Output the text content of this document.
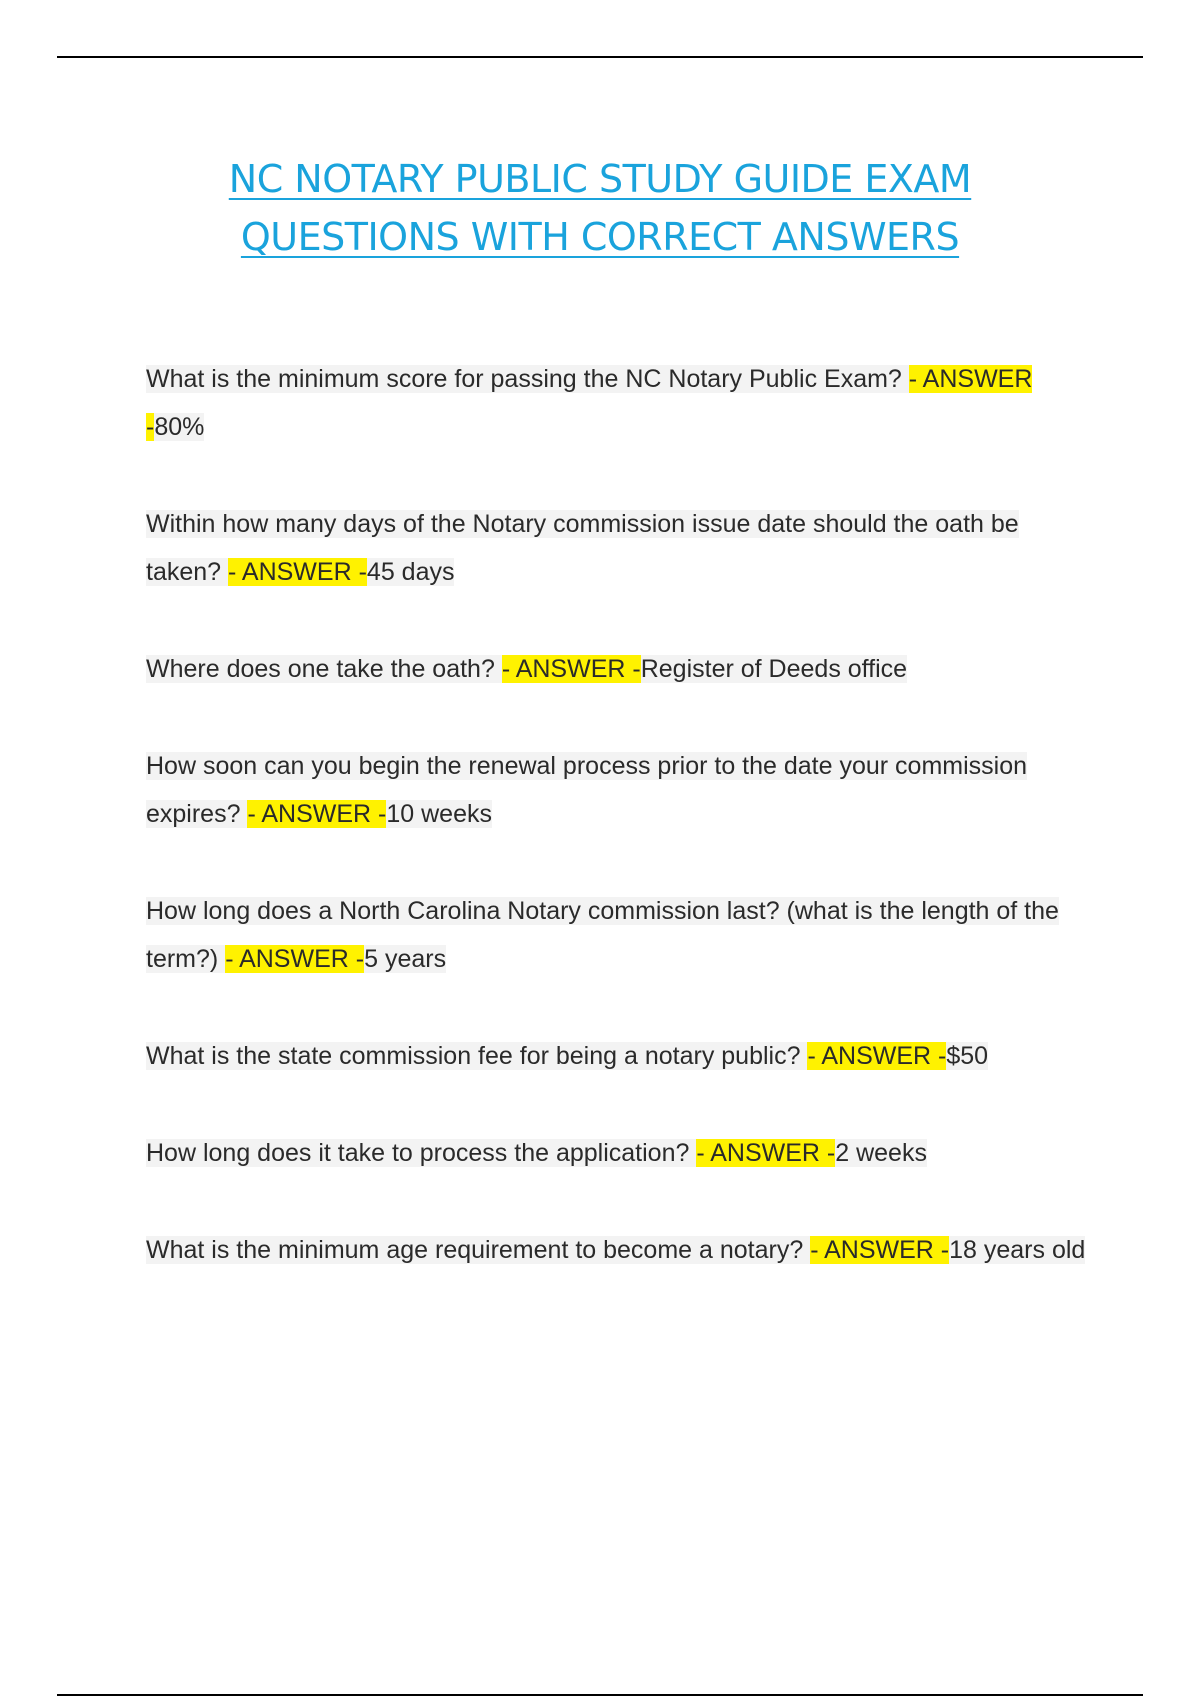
NC NOTARY PUBLIC STUDY GUIDE EXAM
QUESTIONS WITH CORRECT ANSWERS

What is the minimum score for passing the NC Notary Public Exam? - ANSWER -80%

Within how many days of the Notary commission issue date should the oath be taken? - ANSWER -45 days

Where does one take the oath? - ANSWER -Register of Deeds office

How soon can you begin the renewal process prior to the date your commission expires? - ANSWER -10 weeks

How long does a North Carolina Notary commission last? (what is the length of the term?) - ANSWER -5 years

What is the state commission fee for being a notary public? - ANSWER -$50

How long does it take to process the application? - ANSWER -2 weeks

What is the minimum age requirement to become a notary? - ANSWER -18 years old
